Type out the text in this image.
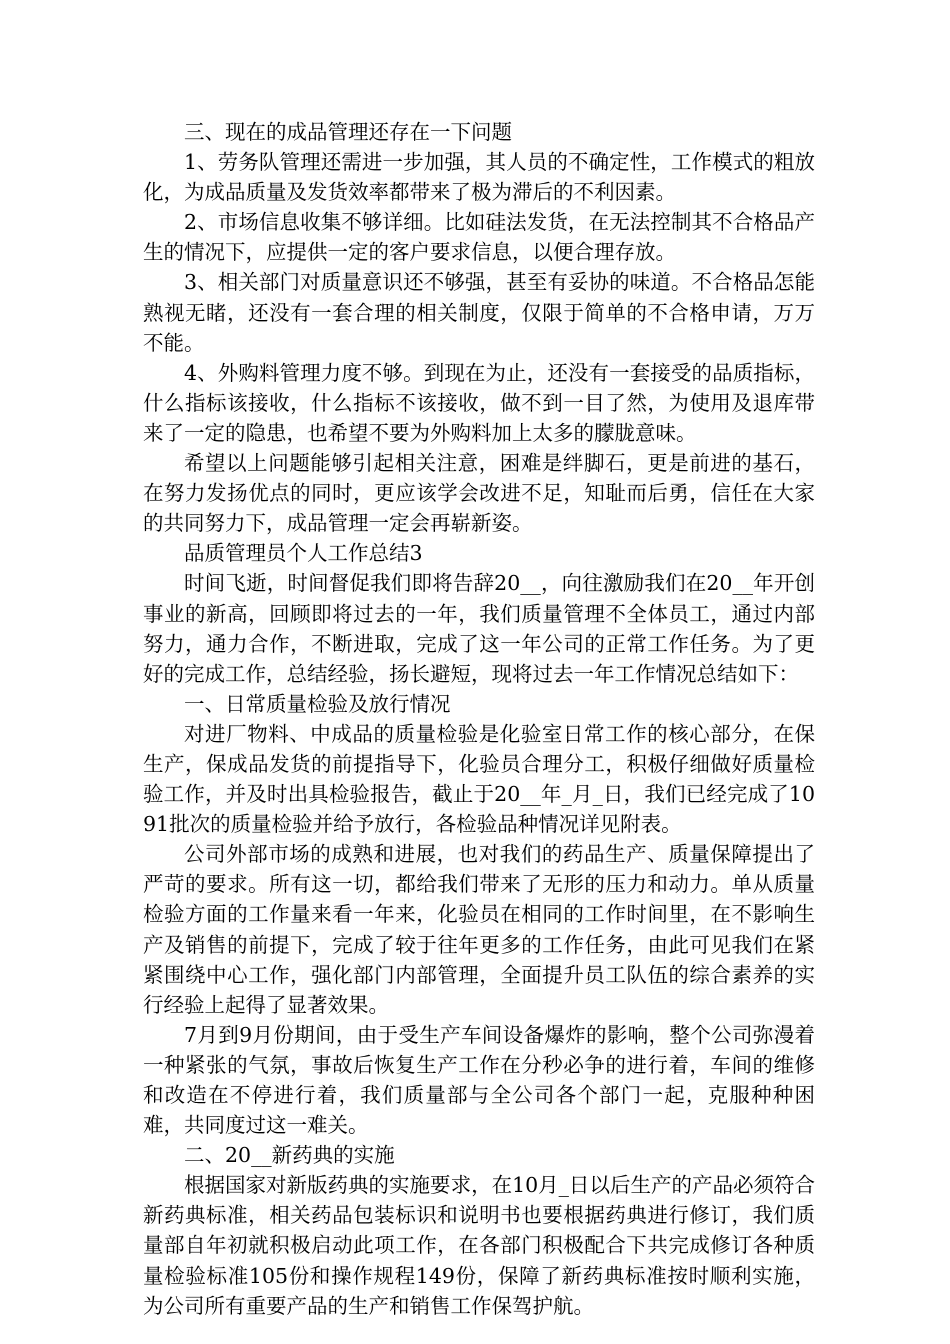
三、现在的成品管理还存在一下问题

1、劳务队管理还需进一步加强，其人员的不确定性，工作模式的粗放化，为成品质量及发货效率都带来了极为滞后的不利因素。

2、市场信息收集不够详细。比如硅法发货，在无法控制其不合格品产生的情况下，应提供一定的客户要求信息，以便合理存放。

3、相关部门对质量意识还不够强，甚至有妥协的味道。不合格品怎能熟视无睹，还没有一套合理的相关制度，仅限于简单的不合格申请，万万不能。

4、外购料管理力度不够。到现在为止，还没有一套接受的品质指标，什么指标该接收，什么指标不该接收，做不到一目了然，为使用及退库带来了一定的隐患，也希望不要为外购料加上太多的朦胧意味。

希望以上问题能够引起相关注意，困难是绊脚石，更是前进的基石，在努力发扬优点的同时，更应该学会改进不足，知耻而后勇，信任在大家的共同努力下，成品管理一定会再崭新姿。

品质管理员个人工作总结3

时间飞逝，时间督促我们即将告辞20__，向往激励我们在20__年开创事业的新高，回顾即将过去的一年，我们质量管理不全体员工，通过内部努力，通力合作，不断进取，完成了这一年公司的正常工作任务。为了更好的完成工作，总结经验，扬长避短，现将过去一年工作情况总结如下：

一、日常质量检验及放行情况

对进厂物料、中成品的质量检验是化验室日常工作的核心部分，在保生产，保成品发货的前提指导下，化验员合理分工，积极仔细做好质量检验工作，并及时出具检验报告，截止于20__年_月_日，我们已经完成了1091批次的质量检验并给予放行，各检验品种情况详见附表。

公司外部市场的成熟和进展，也对我们的药品生产、质量保障提出了严苛的要求。所有这一切，都给我们带来了无形的压力和动力。单从质量检验方面的工作量来看一年来，化验员在相同的工作时间里，在不影响生产及销售的前提下，完成了较于往年更多的工作任务，由此可见我们在紧紧围绕中心工作，强化部门内部管理，全面提升员工队伍的综合素养的实行经验上起得了显著效果。

7月到9月份期间，由于受生产车间设备爆炸的影响，整个公司弥漫着一种紧张的气氛，事故后恢复生产工作在分秒必争的进行着，车间的维修和改造在不停进行着，我们质量部与全公司各个部门一起，克服种种困难，共同度过这一难关。

二、20__新药典的实施

根据国家对新版药典的实施要求，在10月_日以后生产的产品必须符合新药典标准，相关药品包装标识和说明书也要根据药典进行修订，我们质量部自年初就积极启动此项工作，在各部门积极配合下共完成修订各种质量检验标准105份和操作规程149份，保障了新药典标准按时顺利实施，为公司所有重要产品的生产和销售工作保驾护航。
